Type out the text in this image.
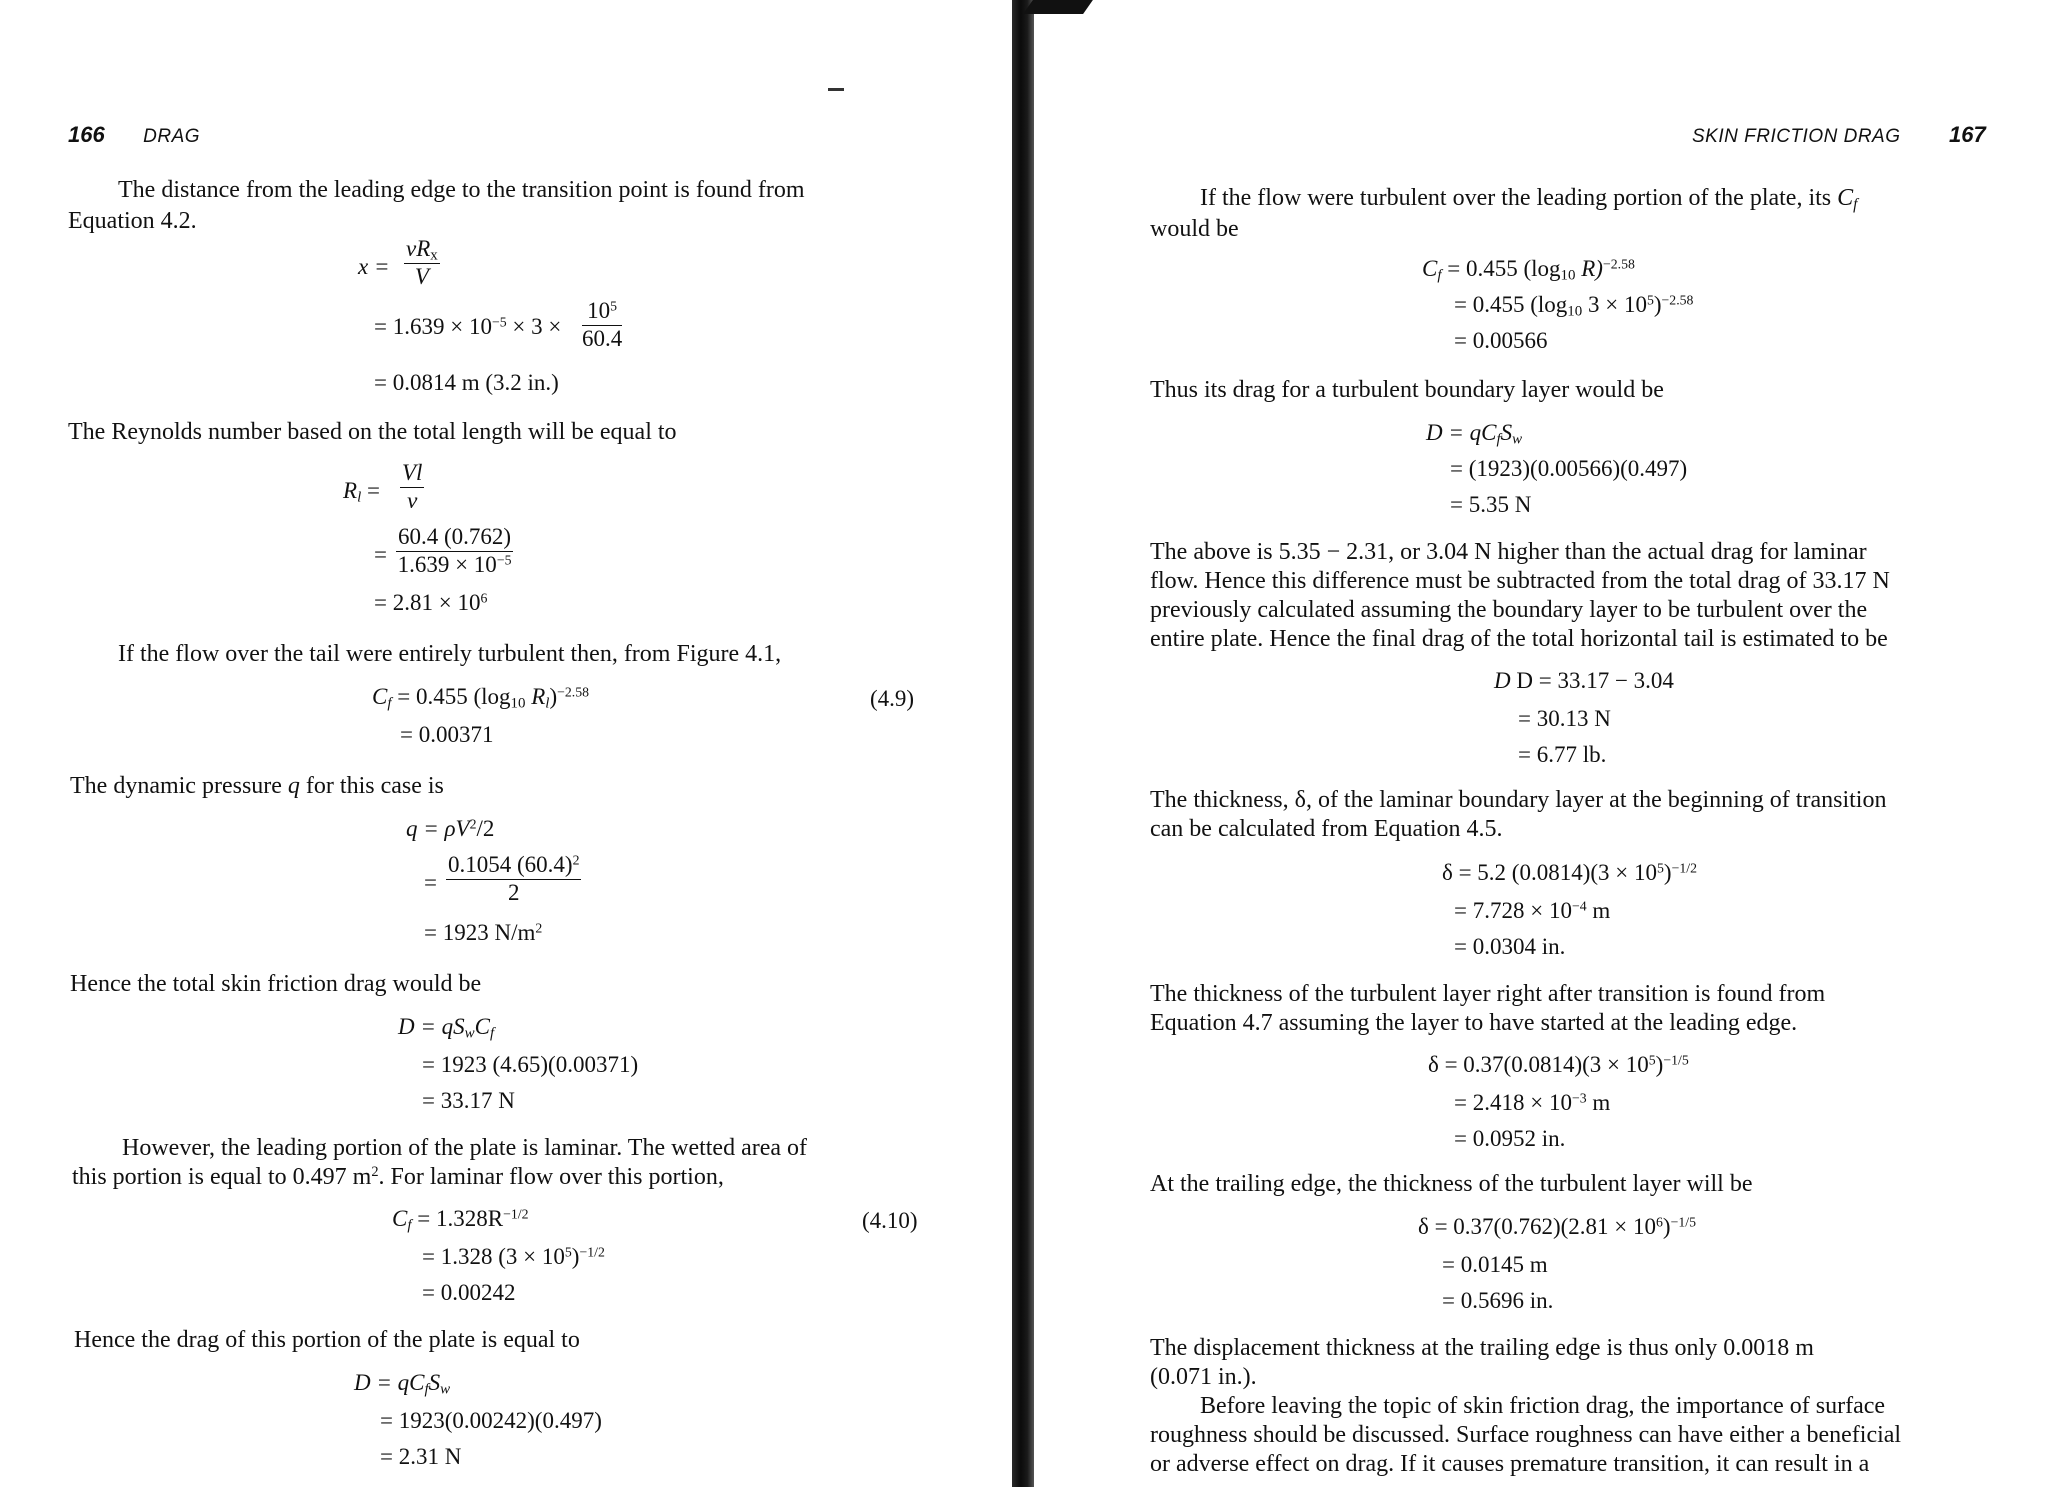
166 DRAG
The distance from the leading edge to the transition point is found from
Equation 4.2.
x =
$\nu R_x$
V
= $1.639 \times 10^{-5} \times 3 \times \frac{10^5}{60.4}$
= 0.0814 m (3.2 in.)
The Reynolds number based on the total length will be equal to
$R_l = \frac{Vl}{\nu}$
= $\frac{60.4 (0.762)}{1.639 \times 10^{-5}}$
= $2.81 \times 10^6$
If the flow over the tail were entirely turbulent then, from Figure 4.1,
$C_f = 0.455$ ($\log_{10}$ $R_l)^{-2.58}$	(4.9)
= 0.00371
The dynamic pressure q for this case is
$q = \rho V^2/2$
= $\frac{0.1054 (60.4)^2}{2}$
= 1923 $N/m^2$
Hence the total skin friction drag would be
$D = qS_wC_f$
= 1923 (4.65)(0.00371)
= 33.17 N
However, the leading portion of the plate is laminar. The wetted area of
this portion is equal to 0.497 $m^2$. For laminar flow over this portion,
$C_f = 1.328R^{-1/2}$	(4.10)
= 1.328 $(3 \times 10^5)^{-1/2}$
= 0.00242
Hence the drag of this portion of the plate is equal to
$D = qC_fS_w$
= 1923(0.00242)(0.497)
= 2.31 N
SKIN FRICTION DRAG 167
If the flow were turbulent over the leading portion of the plate, its $C_f$
would be
$C_f = 0.455$ ($\log_{10}$ R)$^{-2.58}$
= 0.455 ($\log_{10}$ $3 \times 10^5)^{-2.58}$
= 0.00566
Thus its drag for a turbulent boundary layer would be
$D = qC_fS_w$
= (1923)(0.00566)(0.497)
= 5.35 N
The above is 5.35 − 2.31, or 3.04 N higher than the actual drag for laminar
flow. Hence this difference must be subtracted from the total drag of 33.17 N
previously calculated assuming the boundary layer to be turbulent over the
entire plate. Hence the final drag of the total horizontal tail is estimated to be
D D = 33.17 − 3.04
= 30.13 N
= 6.77 lb.
The thickness, δ, of the laminar boundary layer at the beginning of transition
can be calculated from Equation 4.5.
δ = 5.2 $(0.0814)(3 \times 10^5)^{-1/2}$
= $7.728 \times 10^{-4}$ m
= 0.0304 in.
The thickness of the turbulent layer right after transition is found from
Equation 4.7 assuming the layer to have started at the leading edge.
$\delta = 0.37(0.0814)(3 \times 10^5)^{-1/5}$
= $2.418 \times 10^{-3}$ m
= 0.0952 in.
At the trailing edge, the thickness of the turbulent layer will be
$\delta = 0.37(0.762)(2.81 \times 10^6)^{-1/5}$
= 0.0145 m
= 0.5696 in.
The displacement thickness at the trailing edge is thus only 0.0018 m
(0.071 in.).
Before leaving the topic of skin friction drag, the importance of surface
roughness should be discussed. Surface roughness can have either a beneficial
or adverse effect on drag. If it causes premature transition, it can result in a
